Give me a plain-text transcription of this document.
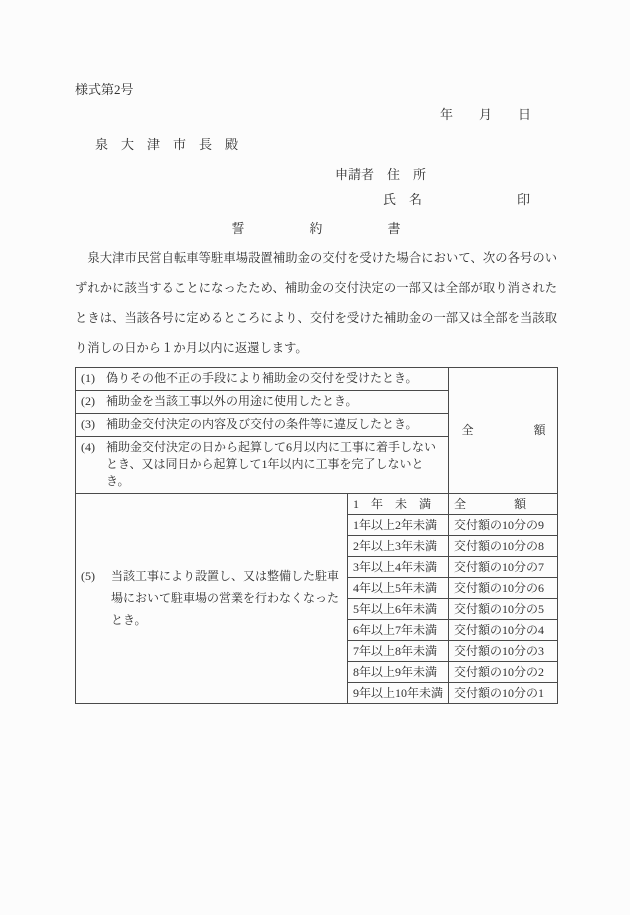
様式第2号
年　　月　　日
泉　大　津　市　長　殿
申請者　 住　所
氏　名	印
誓　　　　　約　　　　　書
　泉大津市民営自転車等駐車場設置補助金の交付を受けた場合において、次の各号のい
ずれかに該当することになったため、補助金の交付決定の一部又は全部が取り消された
ときは、当該各号に定めるところにより、交付を受けた補助金の一部又は全部を当該取
り消しの日から１か月以内に返還します。
(1) 偽りその他不正の手段により補助金の交付を受けたとき。		全　　　　　額

(2) 補助金を当該工事以外の用途に使用したとき。		

(3) 補助金交付決定の内容及び交付の条件等に違反したとき。		

(4) 補助金交付決定の日から起算して6月以内に工事に着手しないとき、又は同日から起算して1年以内に工事を完了しないとき。		

(5) 当該工事により設置し、又は整備した駐車場において駐車場の営業を行わなくなったとき。	1　年　未　満	全　　　　額
	1年以上2年未満	交付額の10分の9
	2年以上3年未満	交付額の10分の8
	3年以上4年未満	交付額の10分の7
	4年以上5年未満	交付額の10分の6
	5年以上6年未満	交付額の10分の5
	6年以上7年未満	交付額の10分の4
	7年以上8年未満	交付額の10分の3
	8年以上9年未満	交付額の10分の2
	9年以上10年未満	交付額の10分の1
